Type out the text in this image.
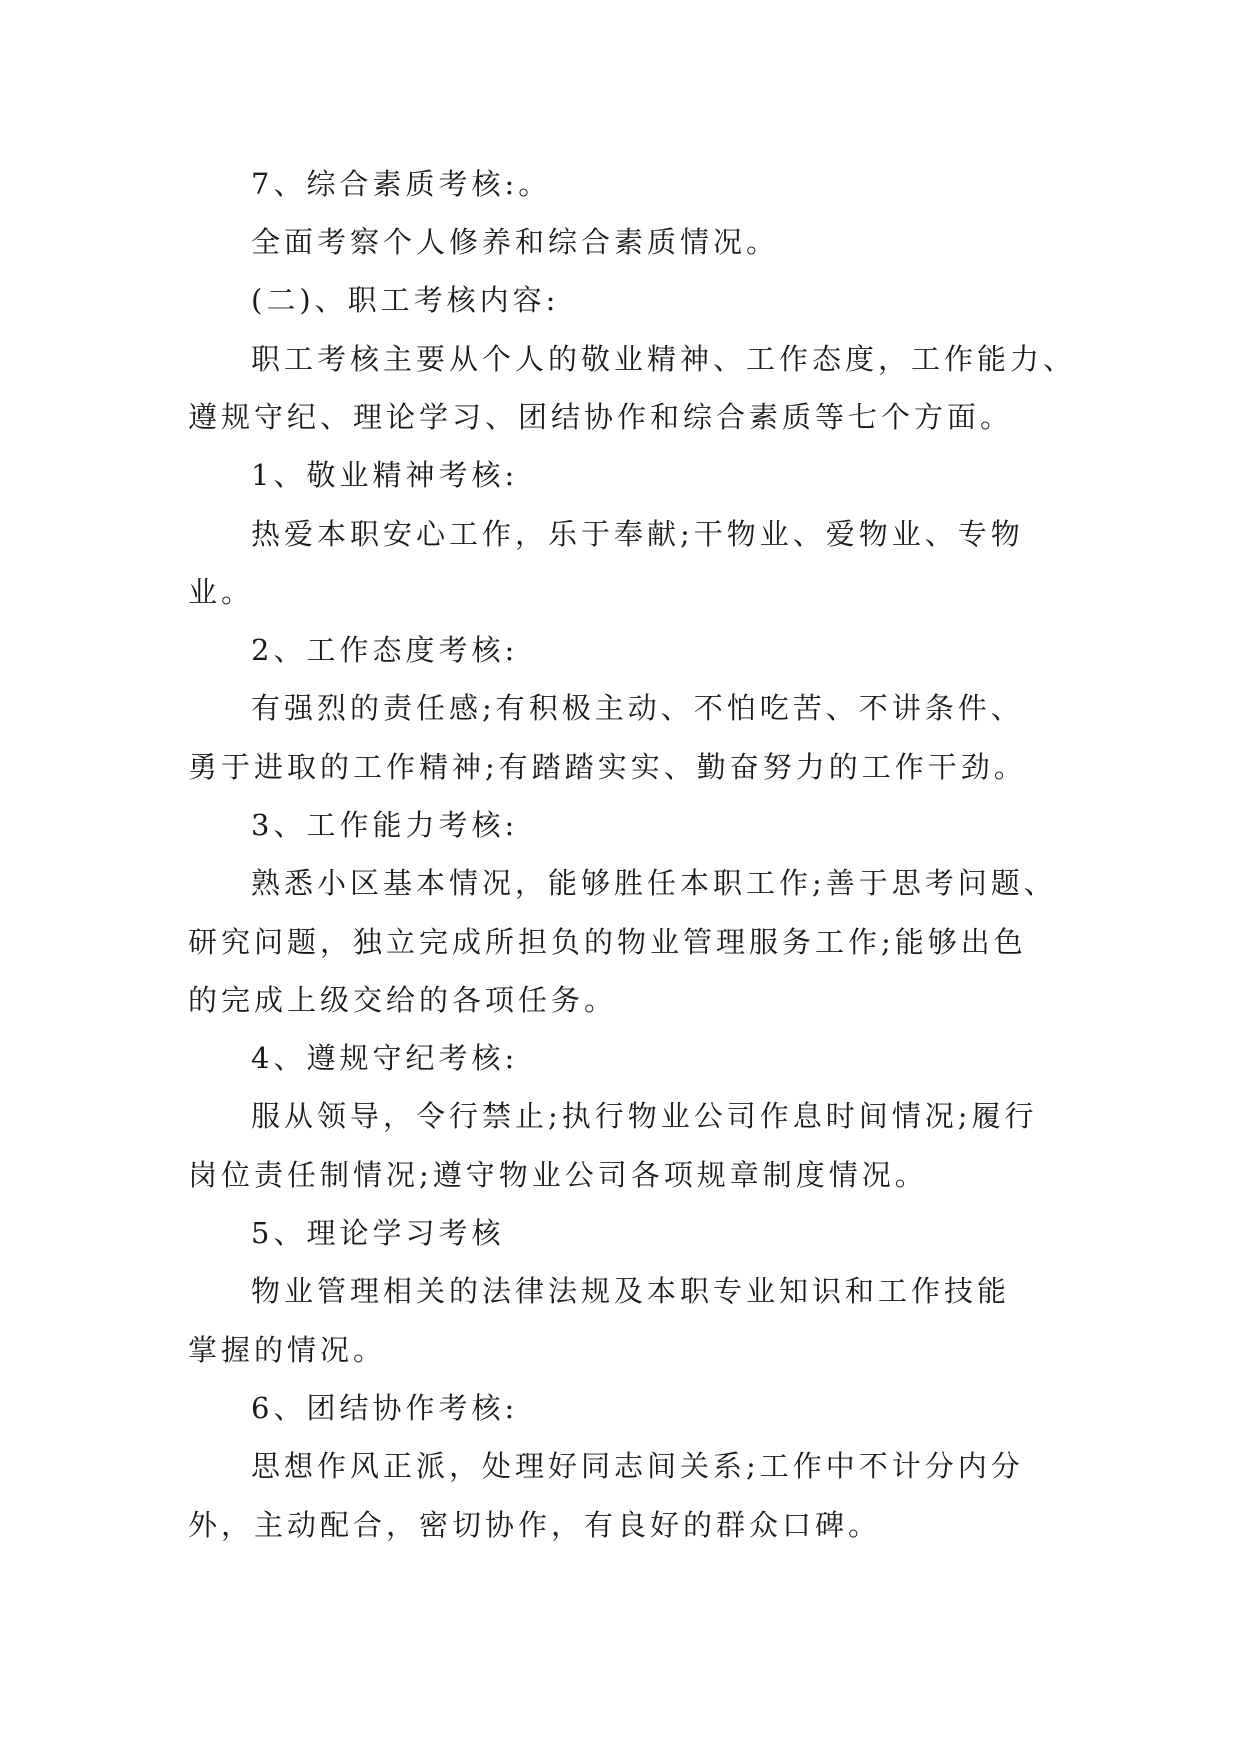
7、综合素质考核:。
全面考察个人修养和综合素质情况。
(二)、职工考核内容:
职工考核主要从个人的敬业精神、工作态度，工作能力、
遵规守纪、理论学习、团结协作和综合素质等七个方面。
1、敬业精神考核:
热爱本职安心工作，乐于奉献;干物业、爱物业、专物
业。
2、工作态度考核:
有强烈的责任感;有积极主动、不怕吃苦、不讲条件、
勇于进取的工作精神;有踏踏实实、勤奋努力的工作干劲。
3、工作能力考核:
熟悉小区基本情况，能够胜任本职工作;善于思考问题、
研究问题，独立完成所担负的物业管理服务工作;能够出色
的完成上级交给的各项任务。
4、遵规守纪考核:
服从领导，令行禁止;执行物业公司作息时间情况;履行
岗位责任制情况;遵守物业公司各项规章制度情况。
5、理论学习考核
物业管理相关的法律法规及本职专业知识和工作技能
掌握的情况。
6、团结协作考核:
思想作风正派，处理好同志间关系;工作中不计分内分
外，主动配合，密切协作，有良好的群众口碑。
